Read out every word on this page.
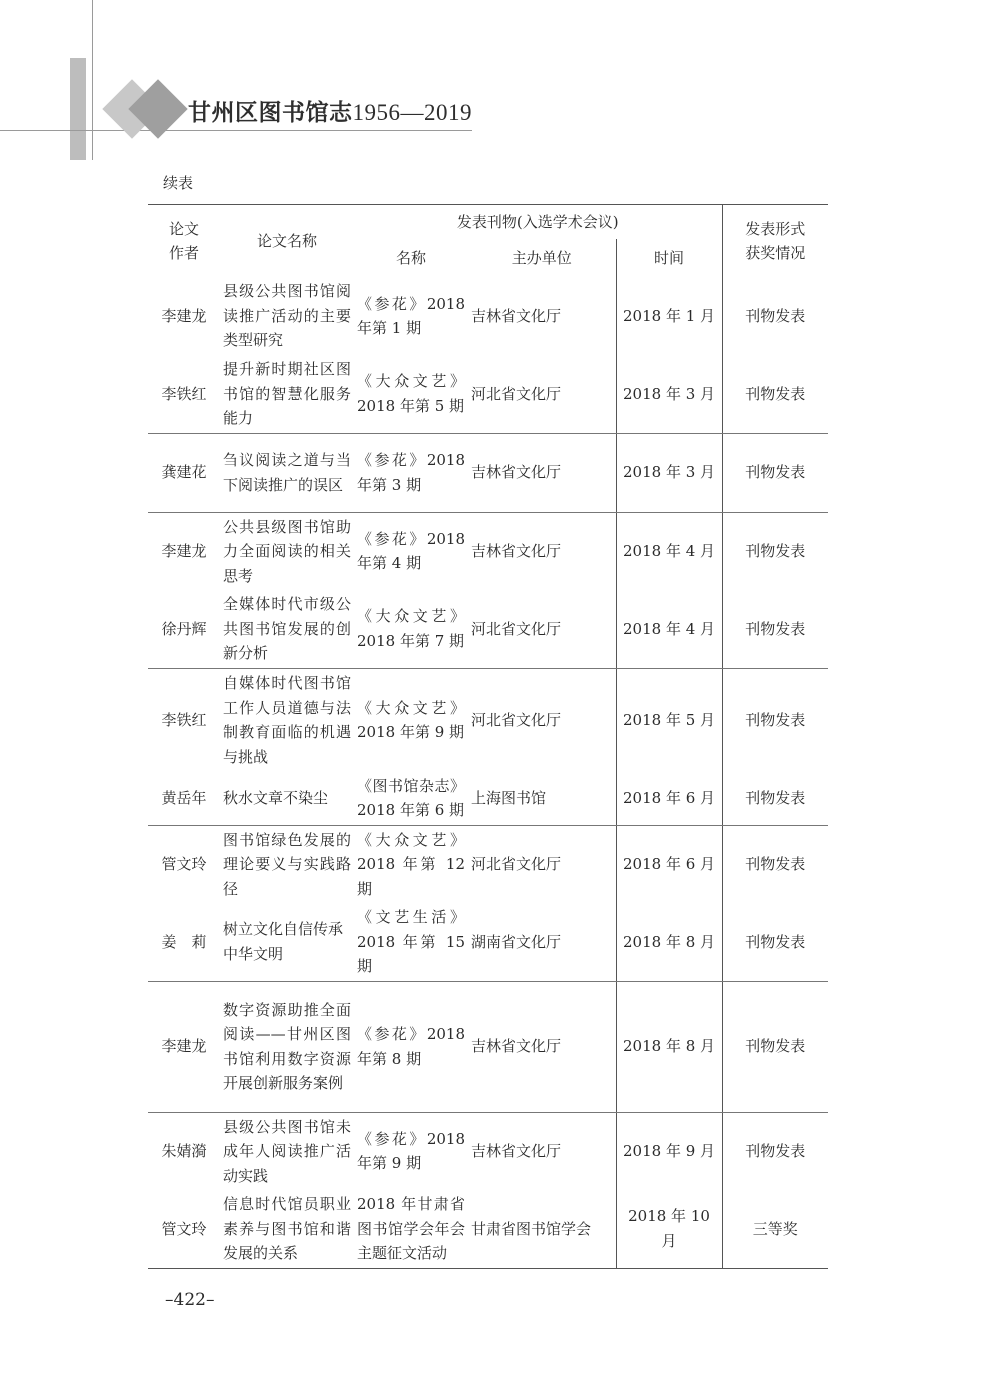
甘州区图书馆志1956—2019
续表
论文作者	论文名称	发表刊物(入选学术会议)			发表形式获奖情况
		名称	主办单位	时间	
李建龙	县级公共图书馆阅读推广活动的主要类型研究	《参花》2018 年第 1 期	吉林省文化厅	2018 年 1 月	刊物发表
李铁红	提升新时期社区图书馆的智慧化服务能力	《大众文艺》2018 年第 5 期	河北省文化厅	2018 年 3 月	刊物发表
龚建花	刍议阅读之道与当下阅读推广的误区	《参花》2018 年第 3 期	吉林省文化厅	2018 年 3 月	刊物发表
李建龙	公共县级图书馆助力全面阅读的相关思考	《参花》2018 年第 4 期	吉林省文化厅	2018 年 4 月	刊物发表
徐丹辉	全媒体时代市级公共图书馆发展的创新分析	《大众文艺》2018 年第 7 期	河北省文化厅	2018 年 4 月	刊物发表
李铁红	自媒体时代图书馆工作人员道德与法制教育面临的机遇与挑战	《大众文艺》2018 年第 9 期	河北省文化厅	2018 年 5 月	刊物发表
黄岳年	秋水文章不染尘	《图书馆杂志》2018 年第 6 期	上海图书馆	2018 年 6 月	刊物发表
管文玲	图书馆绿色发展的理论要义与实践路径	《大众文艺》2018 年第 12 期	河北省文化厅	2018 年 6 月	刊物发表
姜　莉	树立文化自信传承中华文明	《文艺生活》2018 年第 15 期	湖南省文化厅	2018 年 8 月	刊物发表
李建龙	数字资源助推全面阅读——甘州区图书馆利用数字资源开展创新服务案例	《参花》2018 年第 8 期	吉林省文化厅	2018 年 8 月	刊物发表
朱婧漪	县级公共图书馆未成年人阅读推广活动实践	《参花》2018 年第 9 期	吉林省文化厅	2018 年 9 月	刊物发表
管文玲	信息时代馆员职业素养与图书馆和谐发展的关系	2018 年甘肃省图书馆学会年会主题征文活动	甘肃省图书馆学会	2018 年 10 月	三等奖
–422–
